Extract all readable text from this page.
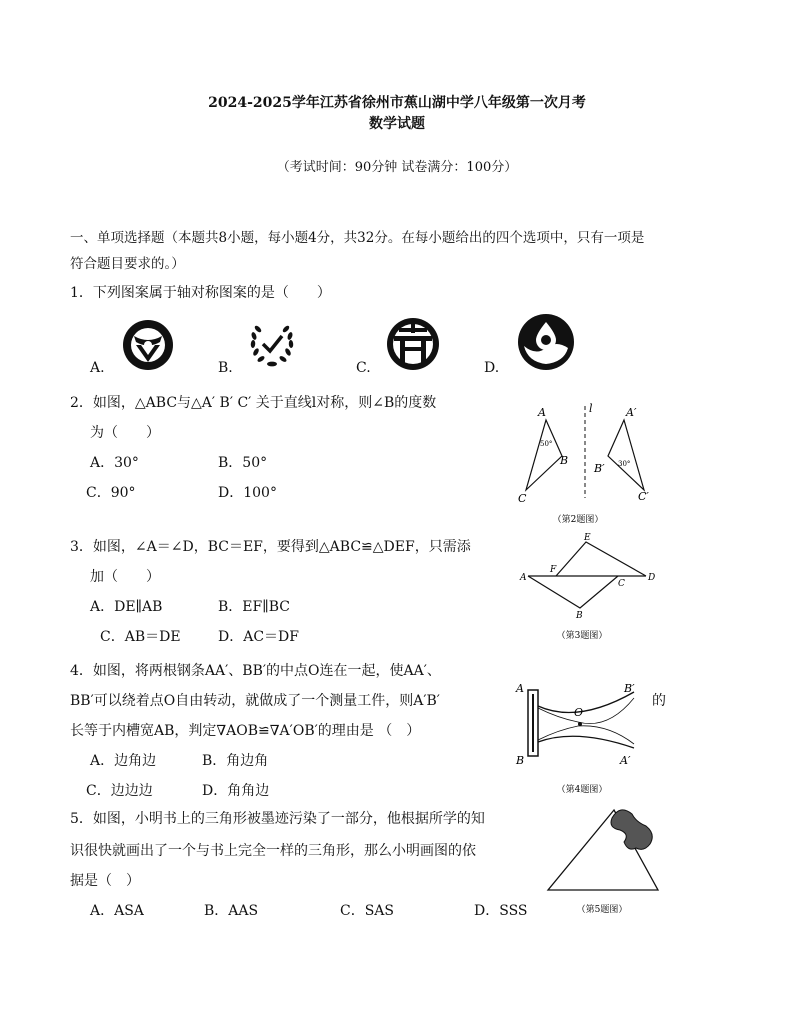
2024-2025学年江苏省徐州市蕉山湖中学八年级第一次月考
数学试题
（考试时间：90分钟 试卷满分：100分）
一、单项选择题（本题共8小题，每小题4分，共32分。在每小题给出的四个选项中，只有一项是
符合题目要求的。）
1．下列图案属于轴对称图案的是（　　）
A.	B.	C.	D.
2．如图，△ABC与△A′ B′ C′ 关于直线l对称，则∠B的度数
为（　　）
A．30°	B．50°
C．90°	D．100°
A
B
C
A′
B′
C′
l
50°
30°
（第2题图）
3．如图，∠A＝∠D，BC＝EF，要得到△ABC≌△DEF，只需添
加（　　）
A．DE∥AB	B．EF∥BC
C．AB＝DE	D．AC＝DF
A
B
C
D
E
F
（第3题图）
4．如图，将两根钢条AA′、BB′的中点O连在一起，使AA′、
BB′可以绕着点O自由转动，就做成了一个测量工件，则A′B′	的
长等于内槽宽AB，判定∇AOB≌∇A′OB′的理由是 （　）
A．边角边	B．角边角
C．边边边	D．角角边
A
B
O
B′
A′
（第4题图）
5．如图，小明书上的三角形被墨迹污染了一部分，他根据所学的知
识很快就画出了一个与书上完全一样的三角形，那么小明画图的依
据是（　）
A．ASA	B．AAS	C．SAS	D．SSS	（第5题图）
